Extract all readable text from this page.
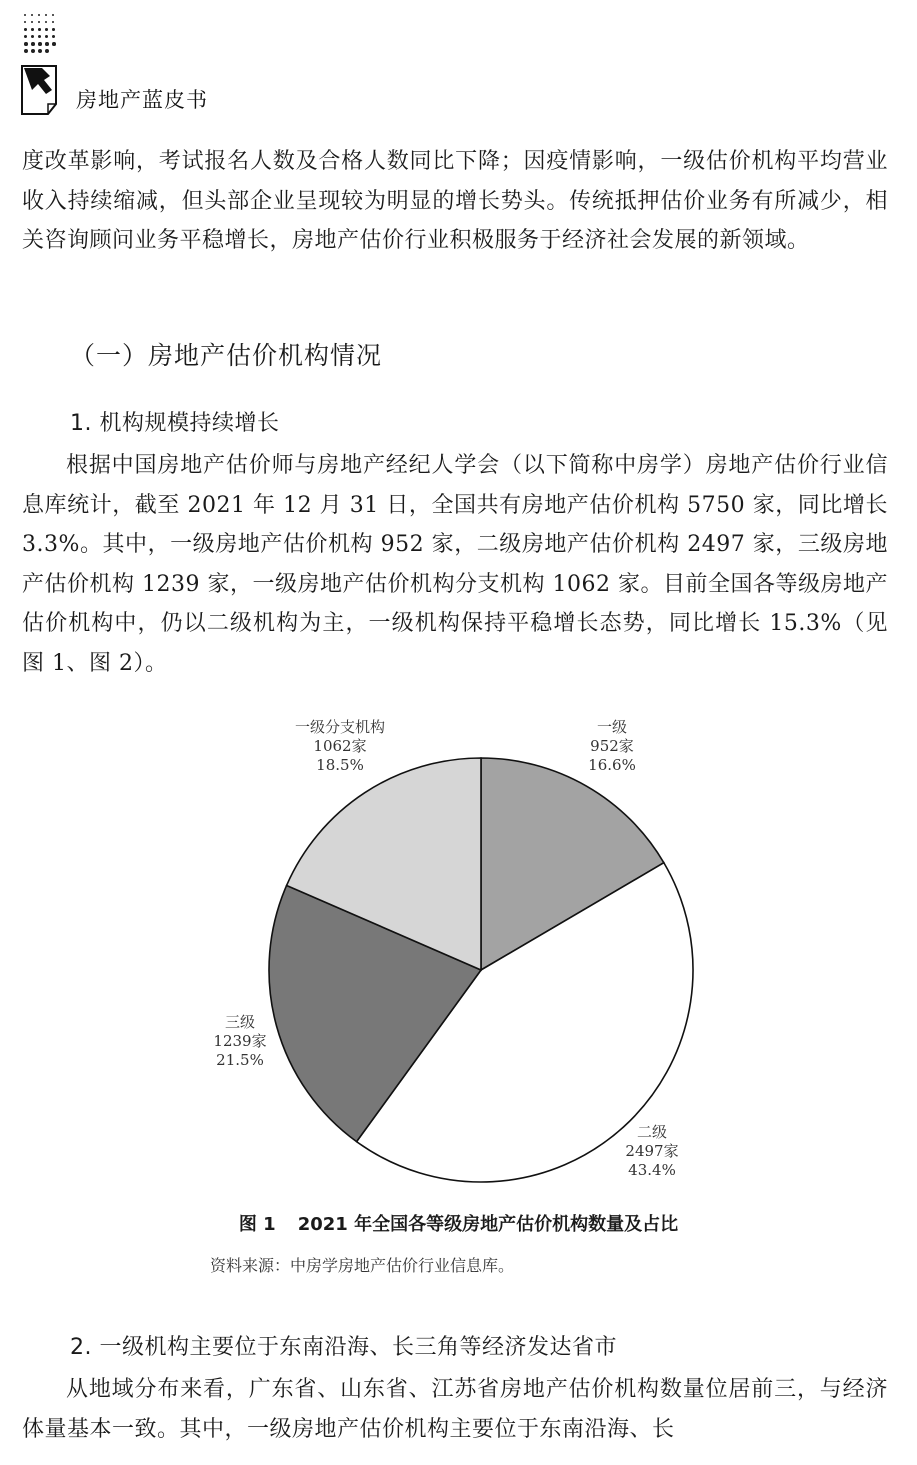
房地产蓝皮书

度改革影响，考试报名人数及合格人数同比下降；因疫情影响，一级估价机构平均营业收入持续缩减，但头部企业呈现较为明显的增长势头。传统抵押估价业务有所减少，相关咨询顾问业务平稳增长，房地产估价行业积极服务于经济社会发展的新领域。

（一）房地产估价机构情况
1. 机构规模持续增长

根据中国房地产估价师与房地产经纪人学会（以下简称中房学）房地产估价行业信息库统计，截至 2021 年 12 月 31 日，全国共有房地产估价机构 5750 家，同比增长 3.3%。其中，一级房地产估价机构 952 家，二级房地产估价机构 2497 家，三级房地产估价机构 1239 家，一级房地产估价机构分支机构 1062 家。目前全国各等级房地产估价机构中，仍以二级机构为主，一级机构保持平稳增长态势，同比增长 15.3%（见图 1、图 2）。

一级
952家
16.6%
二级
2497家
43.4%
三级
1239家
21.5%
一级分支机构
1062家
18.5%

图 1 2021 年全国各等级房地产估价机构数量及占比

资料来源：中房学房地产估价行业信息库。

2. 一级机构主要位于东南沿海、长三角等经济发达省市

从地域分布来看，广东省、山东省、江苏省房地产估价机构数量位居前三，与经济体量基本一致。其中，一级房地产估价机构主要位于东南沿海、长
